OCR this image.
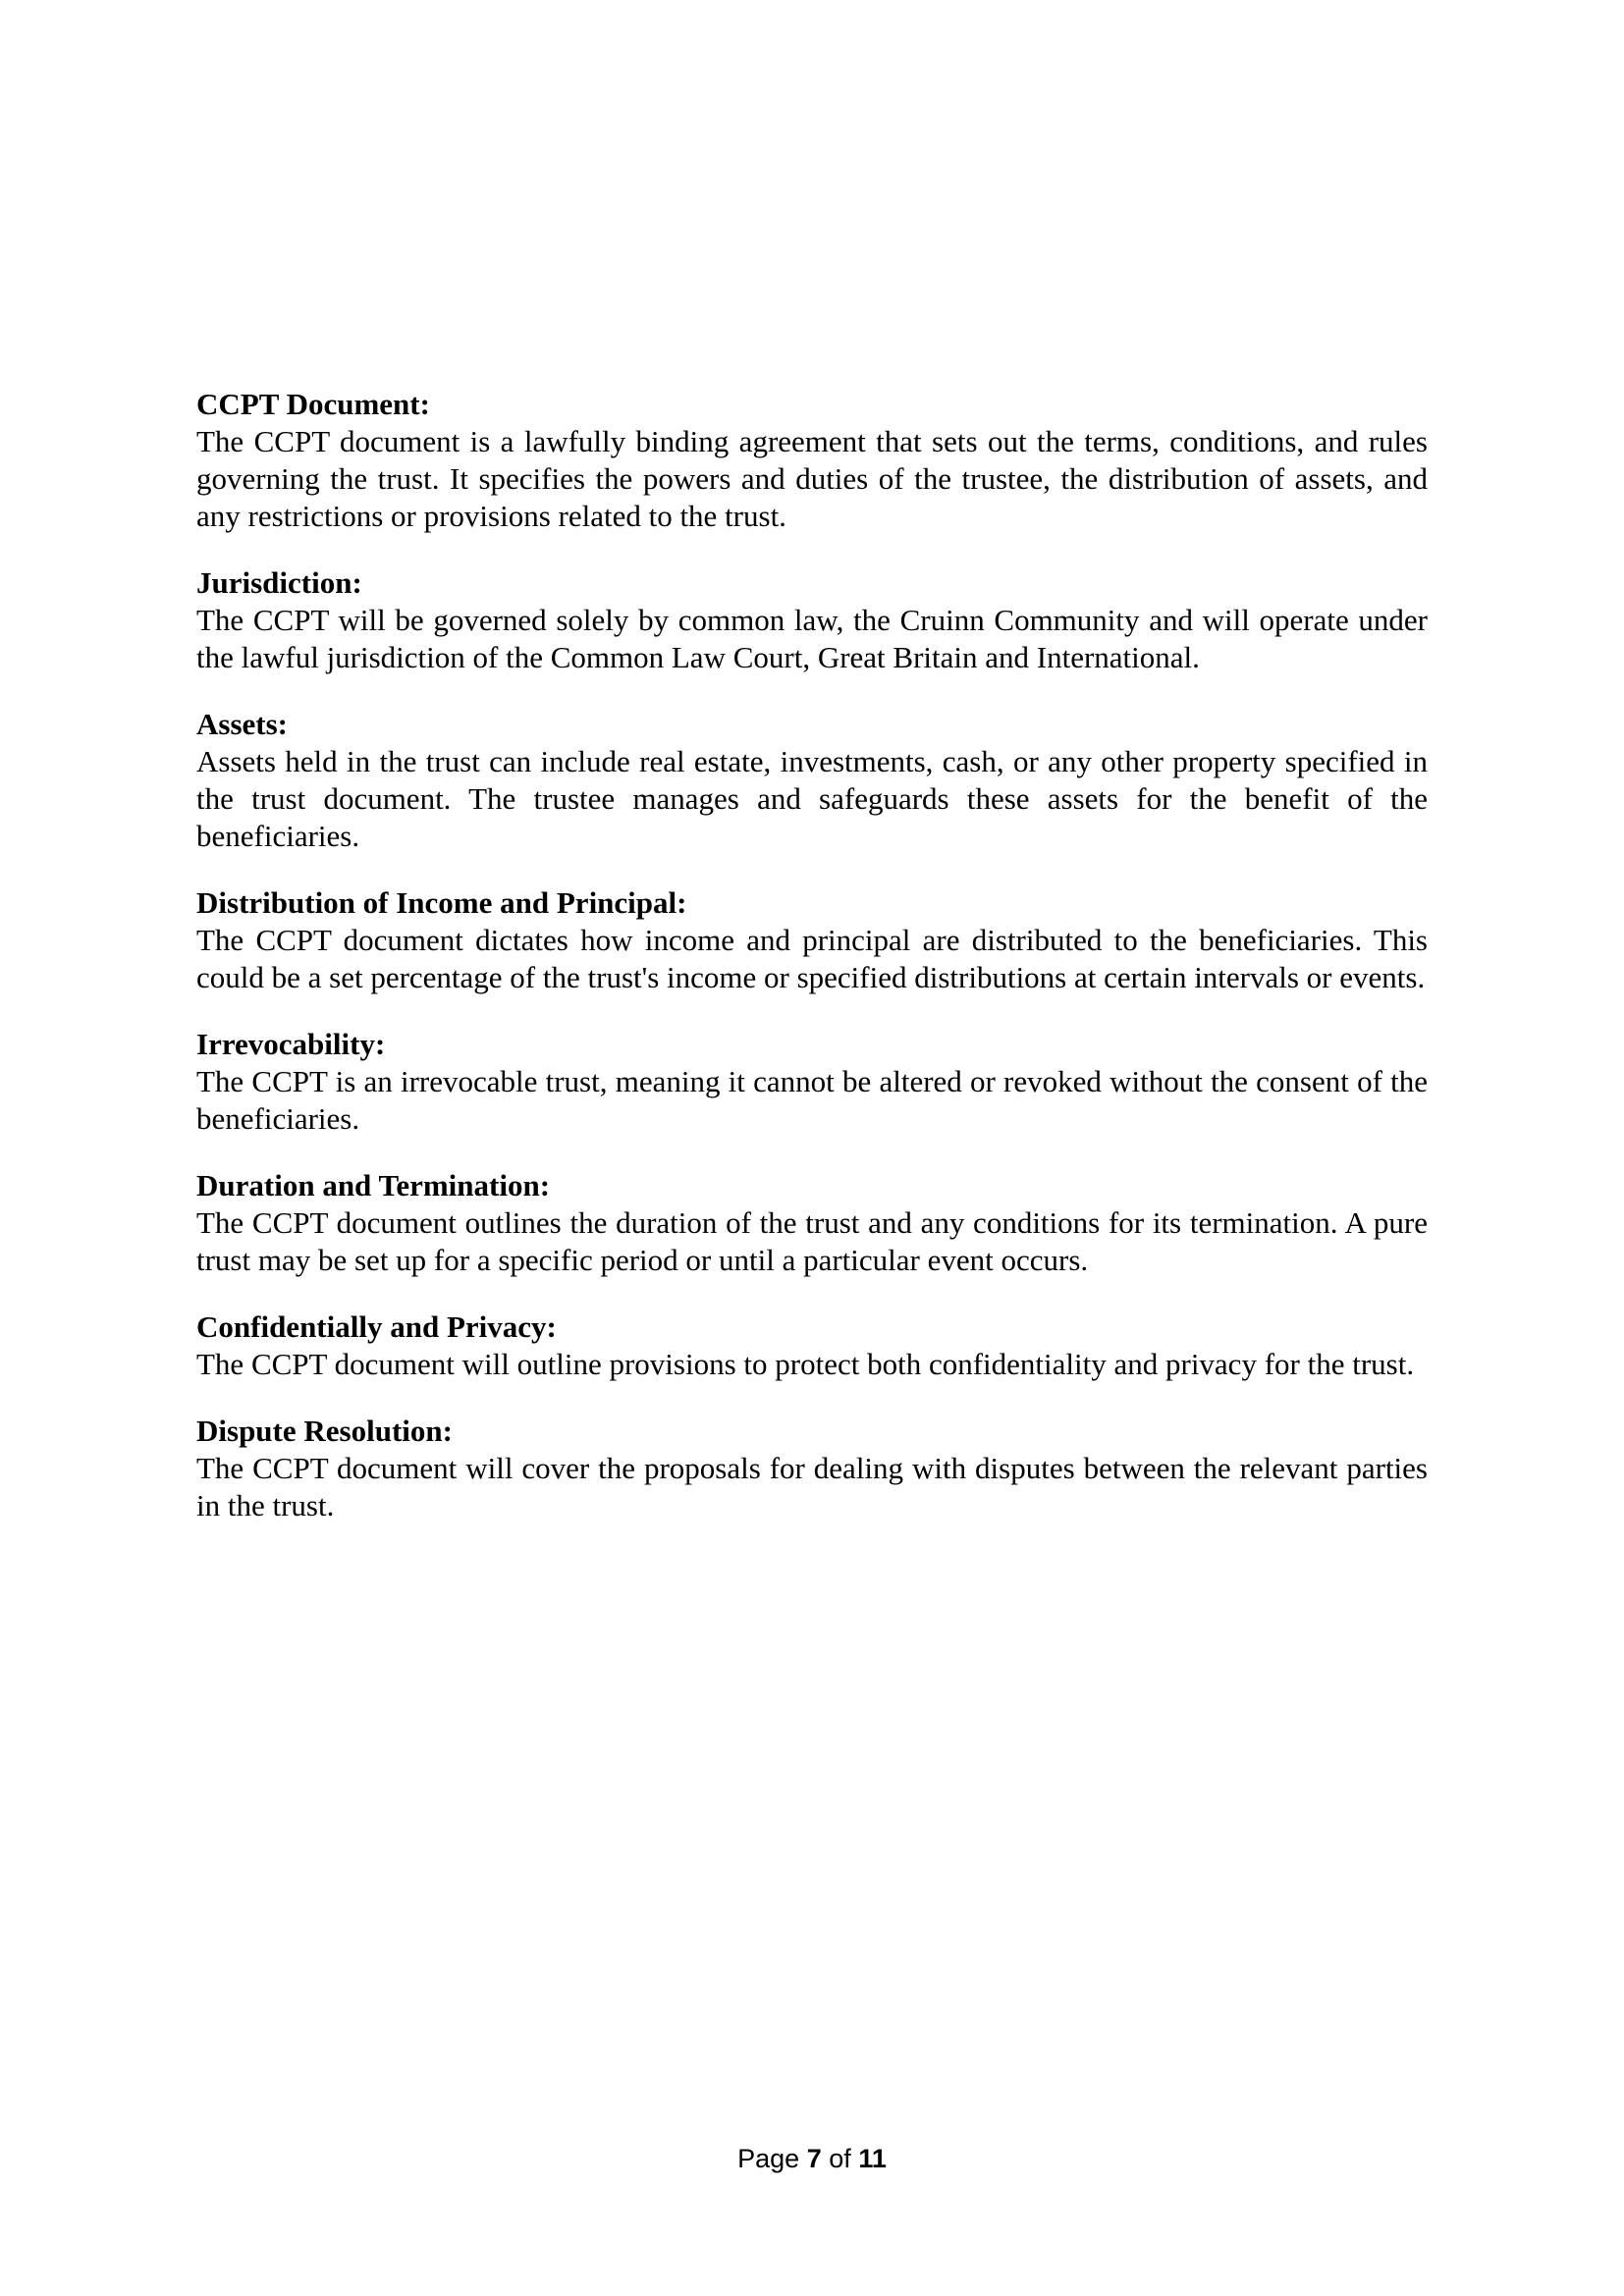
CCPT Document:

The CCPT document is a lawfully binding agreement that sets out the terms, conditions, and rules governing the trust. It specifies the powers and duties of the trustee, the distribution of assets, and any restrictions or provisions related to the trust.

Jurisdiction:

The CCPT will be governed solely by common law, the Cruinn Community and will operate under the lawful jurisdiction of the Common Law Court, Great Britain and International.

Assets:

Assets held in the trust can include real estate, investments, cash, or any other property specified in the trust document. The trustee manages and safeguards these assets for the benefit of the beneficiaries.

Distribution of Income and Principal:

The CCPT document dictates how income and principal are distributed to the beneficiaries. This could be a set percentage of the trust's income or specified distributions at certain intervals or events.

Irrevocability:

The CCPT is an irrevocable trust, meaning it cannot be altered or revoked without the consent of the beneficiaries.

Duration and Termination:

The CCPT document outlines the duration of the trust and any conditions for its termination. A pure trust may be set up for a specific period or until a particular event occurs.

Confidentially and Privacy:

The CCPT document will outline provisions to protect both confidentiality and privacy for the trust.

Dispute Resolution:

The CCPT document will cover the proposals for dealing with disputes between the relevant parties in the trust.

Page 7 of 11
